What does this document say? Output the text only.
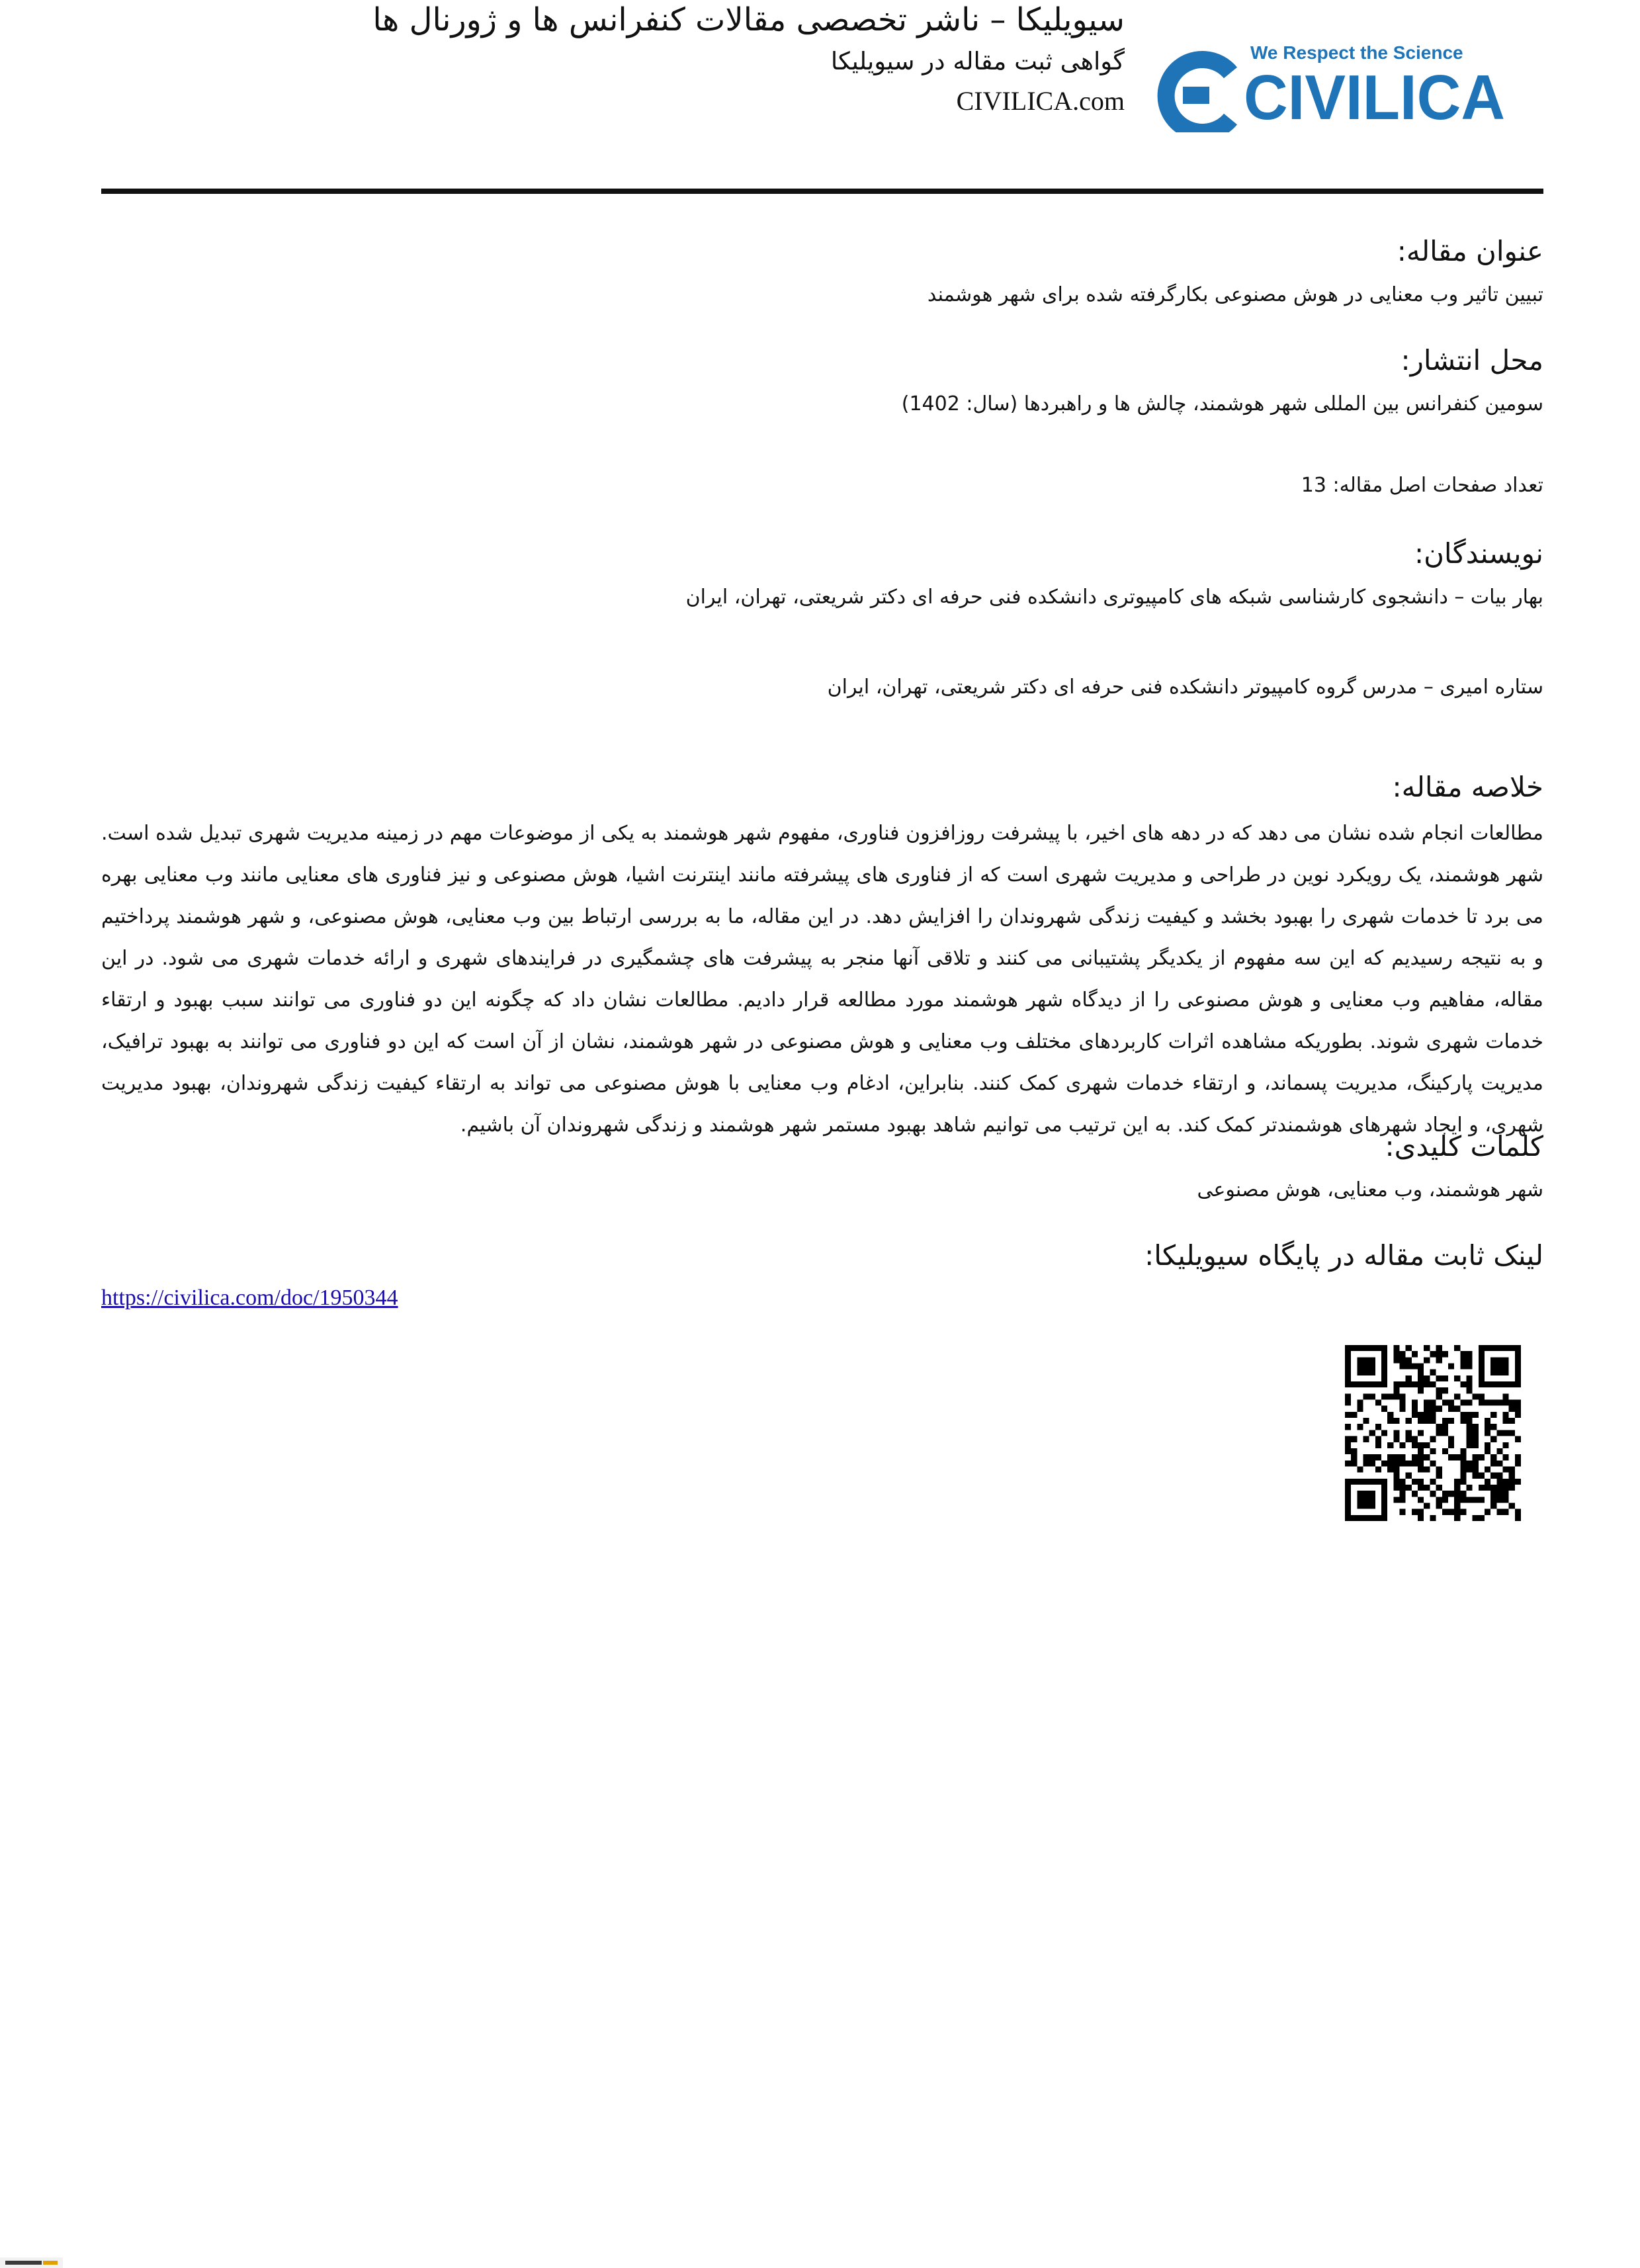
We Respect the Science
CIVILICA
سیویلیکا – ناشر تخصصی مقالات کنفرانس ها و ژورنال ها
گواهی ثبت مقاله در سیویلیکا
CIVILICA.com
عنوان مقاله:
تبیین تاثیر وب معنایی در هوش مصنوعی بکارگرفته شده برای شهر هوشمند
محل انتشار:
سومین کنفرانس بین المللی شهر هوشمند، چالش ها و راهبردها (سال: 1402)
تعداد صفحات اصل مقاله: 13
نویسندگان:
بهار بیات – دانشجوی کارشناسی شبکه های کامپیوتری دانشکده فنی حرفه ای دکتر شریعتی، تهران، ایران
ستاره امیری – مدرس گروه کامپیوتر دانشکده فنی حرفه ای دکتر شریعتی، تهران، ایران
خلاصه مقاله:
مطالعات انجام شده نشان می دهد که در دهه های اخیر، با پیشرفت روزافزون فناوری، مفهوم شهر هوشمند به یکی از موضوعات مهم در زمینه مدیریت شهری تبدیل شده است. شهر هوشمند، یک رویکرد نوین در طراحی و مدیریت شهری است که از فناوری های پیشرفته مانند اینترنت اشیا، هوش مصنوعی و نیز فناوری های معنایی مانند وب معنایی بهره می برد تا خدمات شهری را بهبود بخشد و کیفیت زندگی شهروندان را افزایش دهد. در این مقاله، ما به بررسی ارتباط بین وب معنایی، هوش مصنوعی، و شهر هوشمند پرداختیم و به نتیجه رسیدیم که این سه مفهوم از یکدیگر پشتیبانی می کنند و تلاقی آنها منجر به پیشرفت های چشمگیری در فرایندهای شهری و ارائه خدمات شهری می شود. در این مقاله، مفاهیم وب معنایی و هوش مصنوعی را از دیدگاه شهر هوشمند مورد مطالعه قرار دادیم. مطالعات نشان داد که چگونه این دو فناوری می توانند سبب بهبود و ارتقاء خدمات شهری شوند. بطوریکه مشاهده اثرات کاربردهای مختلف وب معنایی و هوش مصنوعی در شهر هوشمند، نشان از آن است که این دو فناوری می توانند به بهبود ترافیک، مدیریت پارکینگ، مدیریت پسماند، و ارتقاء خدمات شهری کمک کنند. بنابراین، ادغام وب معنایی با هوش مصنوعی می تواند به ارتقاء کیفیت زندگی شهروندان، بهبود مدیریت شهری، و ایجاد شهرهای هوشمندتر کمک کند. به این ترتیب می توانیم شاهد بهبود مستمر شهر هوشمند و زندگی شهروندان آن باشیم.
کلمات کلیدی:
شهر هوشمند، وب معنایی، هوش مصنوعی
لینک ثابت مقاله در پایگاه سیویلیکا:
https://civilica.com/doc/1950344
